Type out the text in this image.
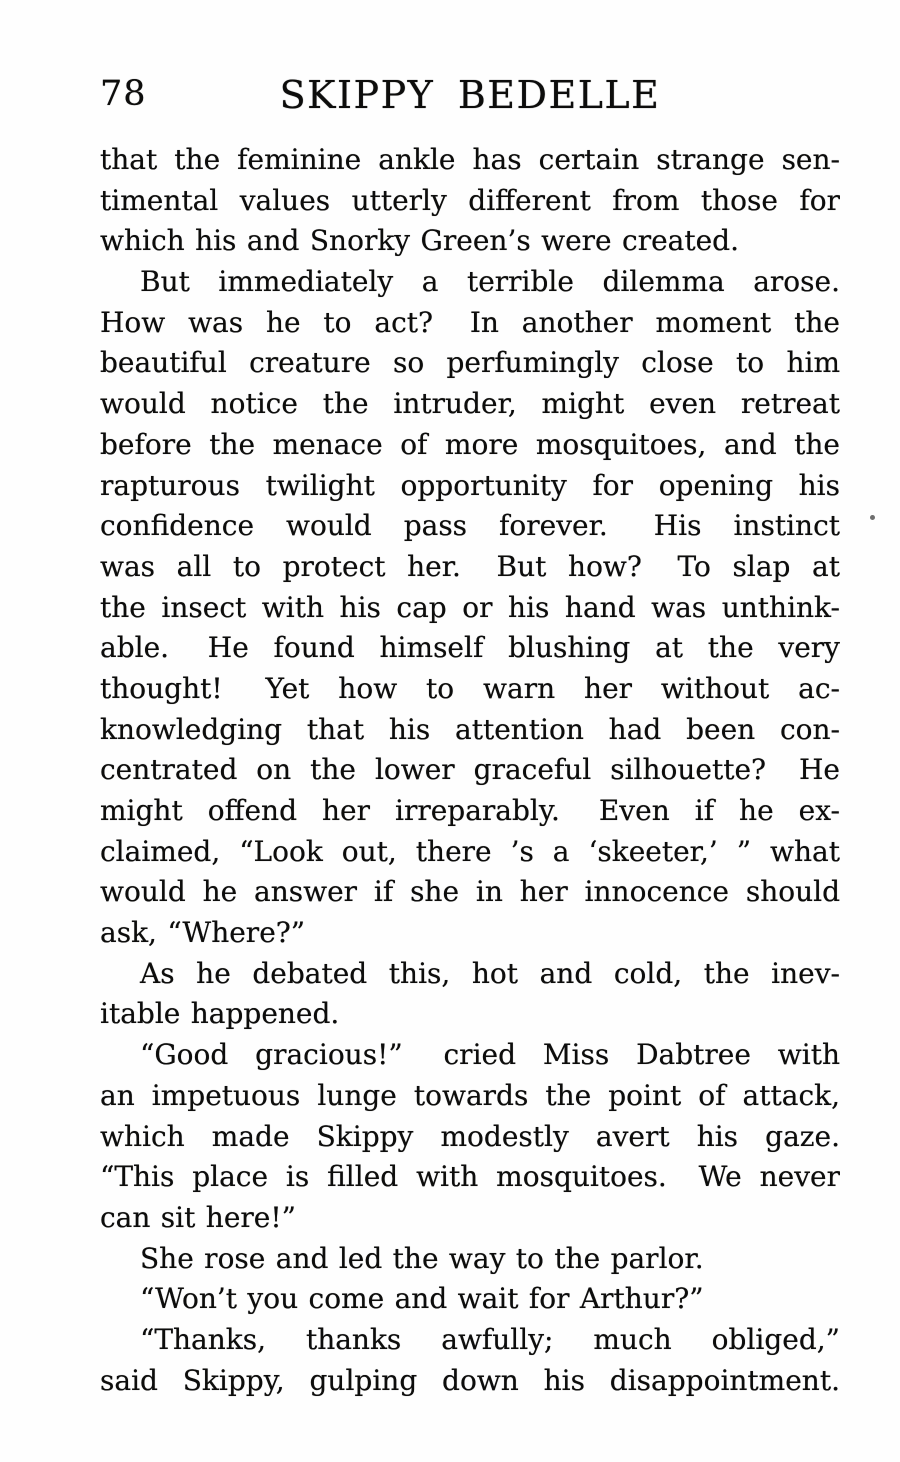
78	SKIPPY BEDELLE
that the feminine ankle has certain strange sen-
timental values utterly different from those for
which his and Snorky Green’s were created.
But immediately a terrible dilemma arose.
How was he to act?  In another moment the
beautiful creature so perfumingly close to him
would notice the intruder, might even retreat
before the menace of more mosquitoes, and the
rapturous twilight opportunity for opening his
confidence would pass forever.  His instinct
was all to protect her.  But how?  To slap at
the insect with his cap or his hand was unthink-
able.  He found himself blushing at the very
thought!  Yet how to warn her without ac-
knowledging that his attention had been con-
centrated on the lower graceful silhouette?  He
might offend her irreparably.  Even if he ex-
claimed, “Look out, there ’s a ‘skeeter,’ ” what
would he answer if she in her innocence should
ask, “Where?”
As he debated this, hot and cold, the inev-
itable happened.
“Good gracious!”  cried Miss Dabtree with
an impetuous lunge towards the point of attack,
which made Skippy modestly avert his gaze.
“This place is filled with mosquitoes.  We never
can sit here!”
She rose and led the way to the parlor.
“Won’t you come and wait for Arthur?”
“Thanks, thanks awfully; much obliged,”
said Skippy, gulping down his disappointment.
